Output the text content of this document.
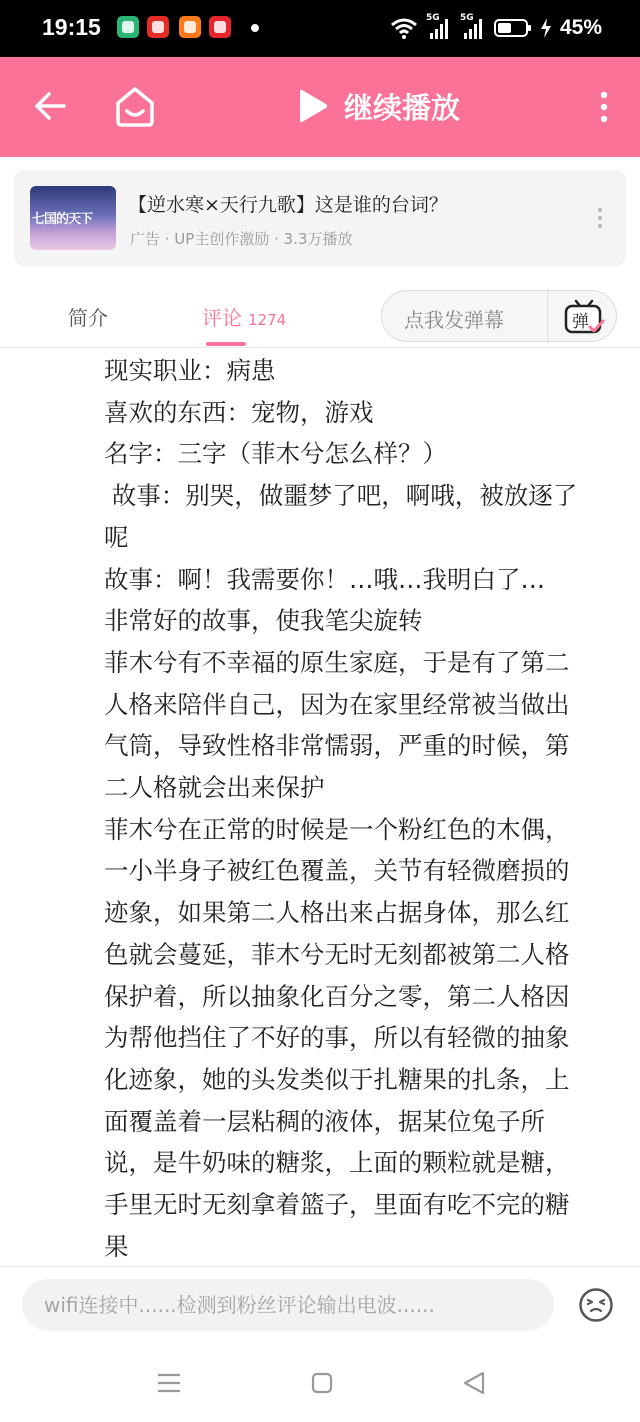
19:15	5G 5G	45%
继续播放
七国的天下
【逆水寒×天行九歌】这是谁的台词？
广告 · UP主创作激励 · 3.3万播放
简介	评论 1274	点我发弹幕	弹

现实职业：病患

喜欢的东西：宠物，游戏

名字：三字（菲木兮怎么样？）

故事：别哭，做噩梦了吧，啊哦，被放逐了
呢

故事：啊！我需要你！…哦…我明白了…

非常好的故事，使我笔尖旋转

菲木兮有不幸福的原生家庭，于是有了第二
人格来陪伴自己，因为在家里经常被当做出
气筒，导致性格非常懦弱，严重的时候，第
二人格就会出来保护

菲木兮在正常的时候是一个粉红色的木偶，
一小半身子被红色覆盖，关节有轻微磨损的
迹象，如果第二人格出来占据身体，那么红
色就会蔓延，菲木兮无时无刻都被第二人格
保护着，所以抽象化百分之零，第二人格因
为帮他挡住了不好的事，所以有轻微的抽象
化迹象，她的头发类似于扎糖果的扎条，上
面覆盖着一层粘稠的液体，据某位兔子所
说，是牛奶味的糖浆，上面的颗粒就是糖，
手里无时无刻拿着篮子，里面有吃不完的糖
果

wifi连接中......检测到粉丝评论输出电波......
